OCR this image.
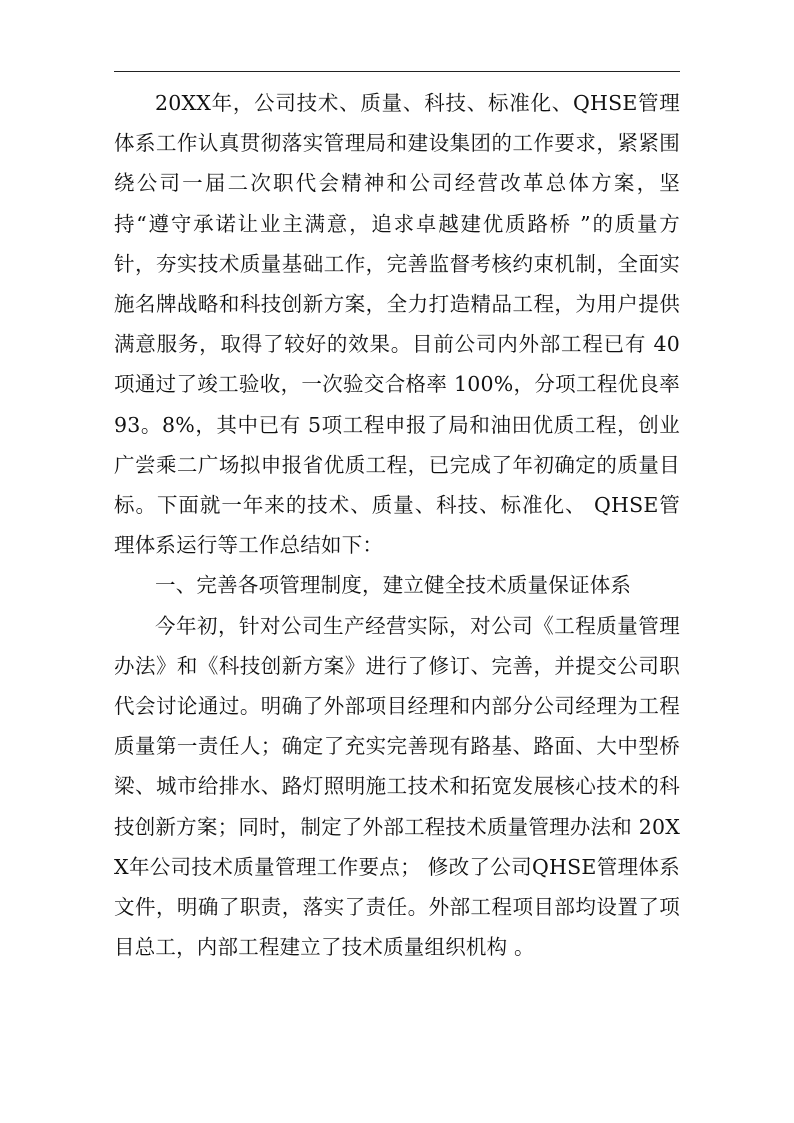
20XX年，公司技术、质量、科技、标准化、QHSE管理体系工作认真贯彻落实管理局和建设集团的工作要求，紧紧围绕公司一届二次职代会精神和公司经营改革总体方案，坚持“遵守承诺让业主满意，追求卓越建优质路桥 ”的质量方针，夯实技术质量基础工作，完善监督考核约束机制，全面实施名牌战略和科技创新方案，全力打造精品工程，为用户提供满意服务，取得了较好的效果。目前公司内外部工程已有 40项通过了竣工验收，一次验交合格率 100%，分项工程优良率93。8%，其中已有 5项工程申报了局和油田优质工程，创业广尝乘二广场拟申报省优质工程，已完成了年初确定的质量目标。下面就一年来的技术、质量、科技、标准化、 QHSE管理体系运行等工作总结如下：

一、完善各项管理制度，建立健全技术质量保证体系

今年初，针对公司生产经营实际，对公司《工程质量管理办法》和《科技创新方案》进行了修订、完善，并提交公司职代会讨论通过。明确了外部项目经理和内部分公司经理为工程质量第一责任人；确定了充实完善现有路基、路面、大中型桥梁、城市给排水、路灯照明施工技术和拓宽发展核心技术的科技创新方案；同时，制定了外部工程技术质量管理办法和 20XX年公司技术质量管理工作要点； 修改了公司QHSE管理体系文件，明确了职责，落实了责任。外部工程项目部均设置了项目总工，内部工程建立了技术质量组织机构 。
